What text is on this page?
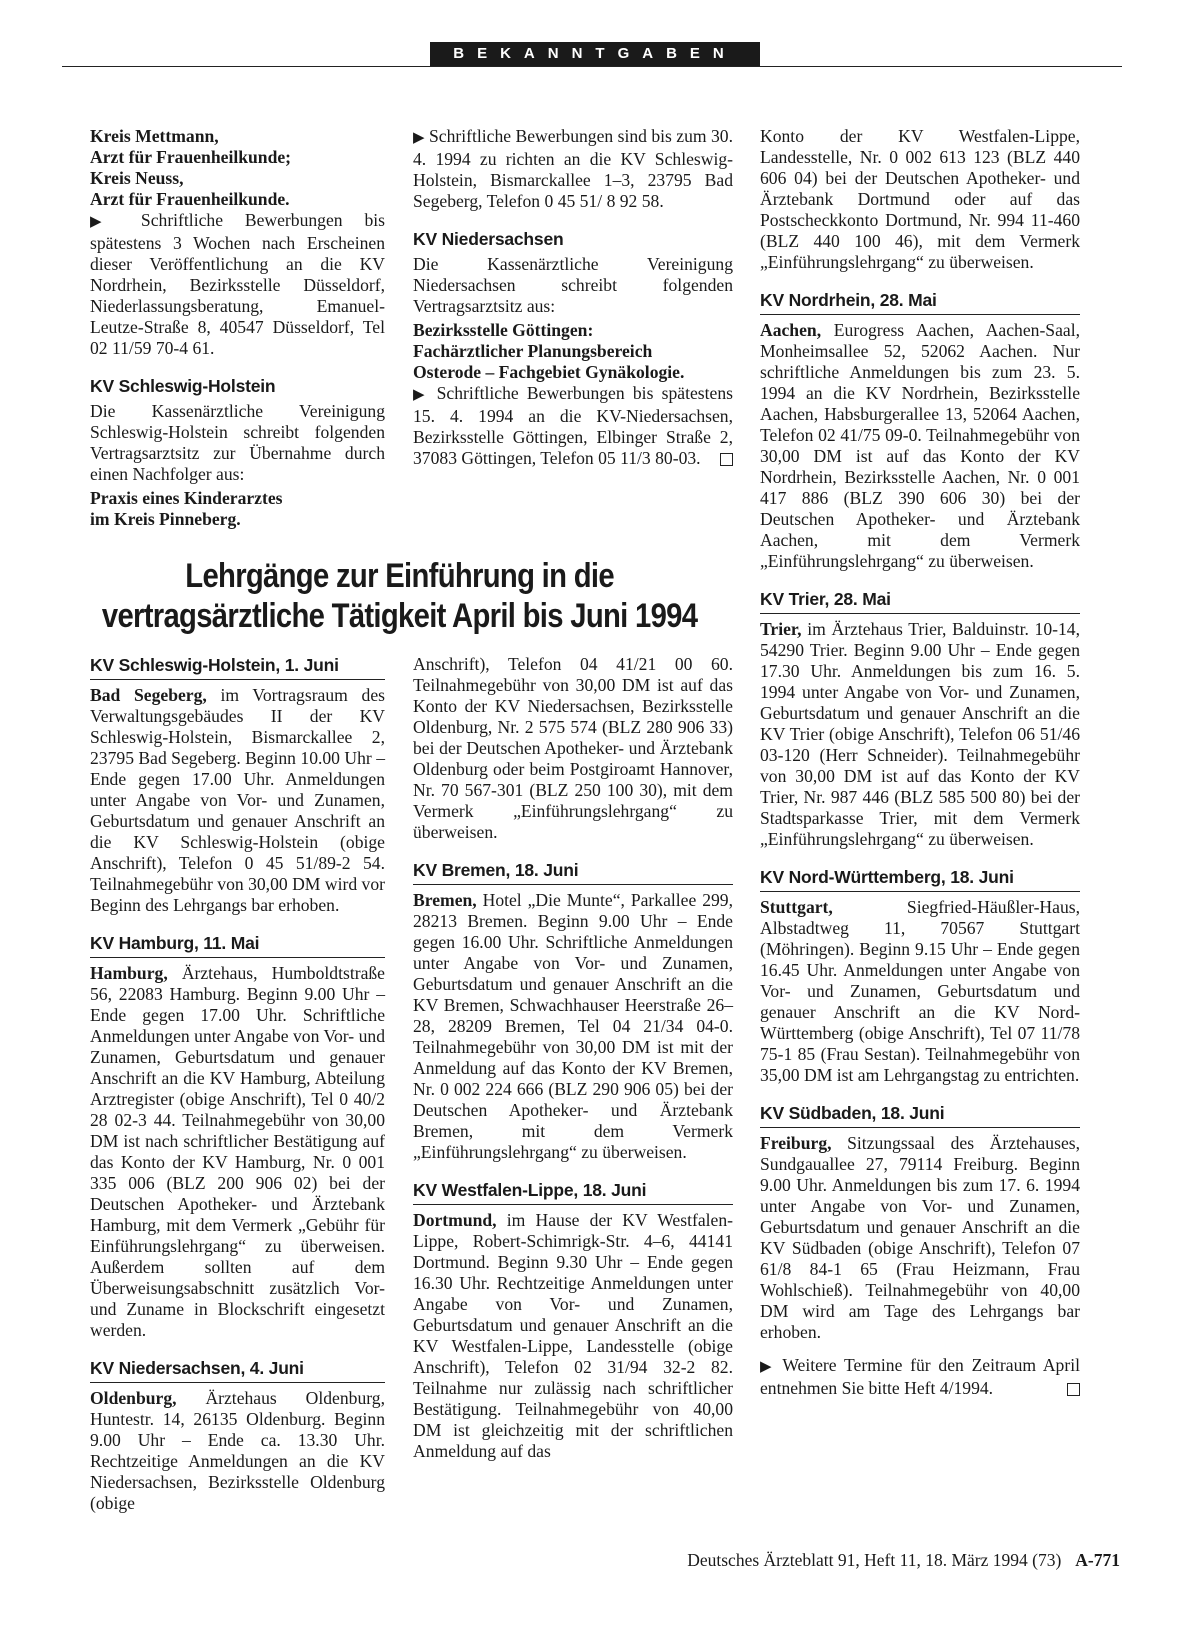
BEKANNTGABEN
Kreis Mettmann,
Arzt für Frauenheilkunde;
Kreis Neuss,
Arzt für Frauenheilkunde.

▶ Schriftliche Bewerbungen bis spätestens 3 Wochen nach Erscheinen dieser Veröffentlichung an die KV Nordrhein, Bezirksstelle Düsseldorf, Niederlassungsberatung, Emanuel-Leutze-Straße 8, 40547 Düsseldorf, Tel 02 11/59 70-4 61.

KV Schleswig-Holstein

Die Kassenärztliche Vereinigung Schleswig-Holstein schreibt folgenden Vertragsarztsitz zur Übernahme durch einen Nachfolger aus:

Praxis eines Kinderarztes
im Kreis Pinneberg.

▶ Schriftliche Bewerbungen sind bis zum 30. 4. 1994 zu richten an die KV Schleswig-Holstein, Bismarckallee 1–3, 23795 Bad Segeberg, Telefon 0 45 51/ 8 92 58.

KV Niedersachsen

Die Kassenärztliche Vereinigung Niedersachsen schreibt folgenden Vertragsarztsitz aus:

Bezirksstelle Göttingen:
Fachärztlicher Planungsbereich
Osterode – Fachgebiet Gynäkologie.

▶ Schriftliche Bewerbungen bis spätestens 15. 4. 1994 an die KV-Niedersachsen, Bezirksstelle Göttingen, Elbinger Straße 2, 37083 Göttingen, Telefon 05 11/3 80-03.

Lehrgänge zur Einführung in die vertragsärztliche Tätigkeit April bis Juni 1994
KV Schleswig-Holstein, 1. Juni

Bad Segeberg, im Vortragsraum des Verwaltungsgebäudes II der KV Schleswig-Holstein, Bismarckallee 2, 23795 Bad Segeberg. Beginn 10.00 Uhr – Ende gegen 17.00 Uhr. Anmeldungen unter Angabe von Vor- und Zunamen, Geburtsdatum und genauer Anschrift an die KV Schleswig-Holstein (obige Anschrift), Telefon 0 45 51/89-2 54. Teilnahmegebühr von 30,00 DM wird vor Beginn des Lehrgangs bar erhoben.

KV Hamburg, 11. Mai

Hamburg, Ärztehaus, Humboldtstraße 56, 22083 Hamburg. Beginn 9.00 Uhr – Ende gegen 17.00 Uhr. Schriftliche Anmeldungen unter Angabe von Vor- und Zunamen, Geburtsdatum und genauer Anschrift an die KV Hamburg, Abteilung Arztregister (obige Anschrift), Tel 0 40/2 28 02-3 44. Teilnahmegebühr von 30,00 DM ist nach schriftlicher Bestätigung auf das Konto der KV Hamburg, Nr. 0 001 335 006 (BLZ 200 906 02) bei der Deutschen Apotheker- und Ärztebank Hamburg, mit dem Vermerk „Gebühr für Einführungslehrgang“ zu überweisen. Außerdem sollten auf dem Überweisungsabschnitt zusätzlich Vor- und Zuname in Blockschrift eingesetzt werden.

KV Niedersachsen, 4. Juni

Oldenburg, Ärztehaus Oldenburg, Huntestr. 14, 26135 Oldenburg. Beginn 9.00 Uhr – Ende ca. 13.30 Uhr. Rechtzeitige Anmeldungen an die KV Niedersachsen, Bezirksstelle Oldenburg (obige

Anschrift), Telefon 04 41/21 00 60. Teilnahmegebühr von 30,00 DM ist auf das Konto der KV Niedersachsen, Bezirksstelle Oldenburg, Nr. 2 575 574 (BLZ 280 906 33) bei der Deutschen Apotheker- und Ärztebank Oldenburg oder beim Postgiroamt Hannover, Nr. 70 567-301 (BLZ 250 100 30), mit dem Vermerk „Einführungslehrgang“ zu überweisen.

KV Bremen, 18. Juni

Bremen, Hotel „Die Munte“, Parkallee 299, 28213 Bremen. Beginn 9.00 Uhr – Ende gegen 16.00 Uhr. Schriftliche Anmeldungen unter Angabe von Vor- und Zunamen, Geburtsdatum und genauer Anschrift an die KV Bremen, Schwachhauser Heerstraße 26–28, 28209 Bremen, Tel 04 21/34 04-0. Teilnahmegebühr von 30,00 DM ist mit der Anmeldung auf das Konto der KV Bremen, Nr. 0 002 224 666 (BLZ 290 906 05) bei der Deutschen Apotheker- und Ärztebank Bremen, mit dem Vermerk „Einführungslehrgang“ zu überweisen.

KV Westfalen-Lippe, 18. Juni

Dortmund, im Hause der KV Westfalen-Lippe, Robert-Schimrigk-Str. 4–6, 44141 Dortmund. Beginn 9.30 Uhr – Ende gegen 16.30 Uhr. Rechtzeitige Anmeldungen unter Angabe von Vor- und Zunamen, Geburtsdatum und genauer Anschrift an die KV Westfalen-Lippe, Landesstelle (obige Anschrift), Telefon 02 31/94 32-2 82. Teilnahme nur zulässig nach schriftlicher Bestätigung. Teilnahmegebühr von 40,00 DM ist gleichzeitig mit der schriftlichen Anmeldung auf das

Konto der KV Westfalen-Lippe, Landesstelle, Nr. 0 002 613 123 (BLZ 440 606 04) bei der Deutschen Apotheker- und Ärztebank Dortmund oder auf das Postscheckkonto Dortmund, Nr. 994 11-460 (BLZ 440 100 46), mit dem Vermerk „Einführungslehrgang“ zu überweisen.

KV Nordrhein, 28. Mai

Aachen, Eurogress Aachen, Aachen-Saal, Monheimsallee 52, 52062 Aachen. Nur schriftliche Anmeldungen bis zum 23. 5. 1994 an die KV Nordrhein, Bezirksstelle Aachen, Habsburgerallee 13, 52064 Aachen, Telefon 02 41/75 09-0. Teilnahmegebühr von 30,00 DM ist auf das Konto der KV Nordrhein, Bezirksstelle Aachen, Nr. 0 001 417 886 (BLZ 390 606 30) bei der Deutschen Apotheker- und Ärztebank Aachen, mit dem Vermerk „Einführungslehrgang“ zu überweisen.

KV Trier, 28. Mai

Trier, im Ärztehaus Trier, Balduinstr. 10-14, 54290 Trier. Beginn 9.00 Uhr – Ende gegen 17.30 Uhr. Anmeldungen bis zum 16. 5. 1994 unter Angabe von Vor- und Zunamen, Geburtsdatum und genauer Anschrift an die KV Trier (obige Anschrift), Telefon 06 51/46 03-120 (Herr Schneider). Teilnahmegebühr von 30,00 DM ist auf das Konto der KV Trier, Nr. 987 446 (BLZ 585 500 80) bei der Stadtsparkasse Trier, mit dem Vermerk „Einführungslehrgang“ zu überweisen.

KV Nord-Württemberg, 18. Juni

Stuttgart, Siegfried-Häußler-Haus, Albstadtweg 11, 70567 Stuttgart (Möhringen). Beginn 9.15 Uhr – Ende gegen 16.45 Uhr. Anmeldungen unter Angabe von Vor- und Zunamen, Geburtsdatum und genauer Anschrift an die KV Nord-Württemberg (obige Anschrift), Tel 07 11/78 75-1 85 (Frau Sestan). Teilnahmegebühr von 35,00 DM ist am Lehrgangstag zu entrichten.

KV Südbaden, 18. Juni

Freiburg, Sitzungssaal des Ärztehauses, Sundgauallee 27, 79114 Freiburg. Beginn 9.00 Uhr. Anmeldungen bis zum 17. 6. 1994 unter Angabe von Vor- und Zunamen, Geburtsdatum und genauer Anschrift an die KV Südbaden (obige Anschrift), Telefon 07 61/8 84-1 65 (Frau Heizmann, Frau Wohlschieß). Teilnahmegebühr von 40,00 DM wird am Tage des Lehrgangs bar erhoben.

▶ Weitere Termine für den Zeitraum April entnehmen Sie bitte Heft 4/1994.

Deutsches Ärzteblatt 91, Heft 11, 18. März 1994 (73) A-771
